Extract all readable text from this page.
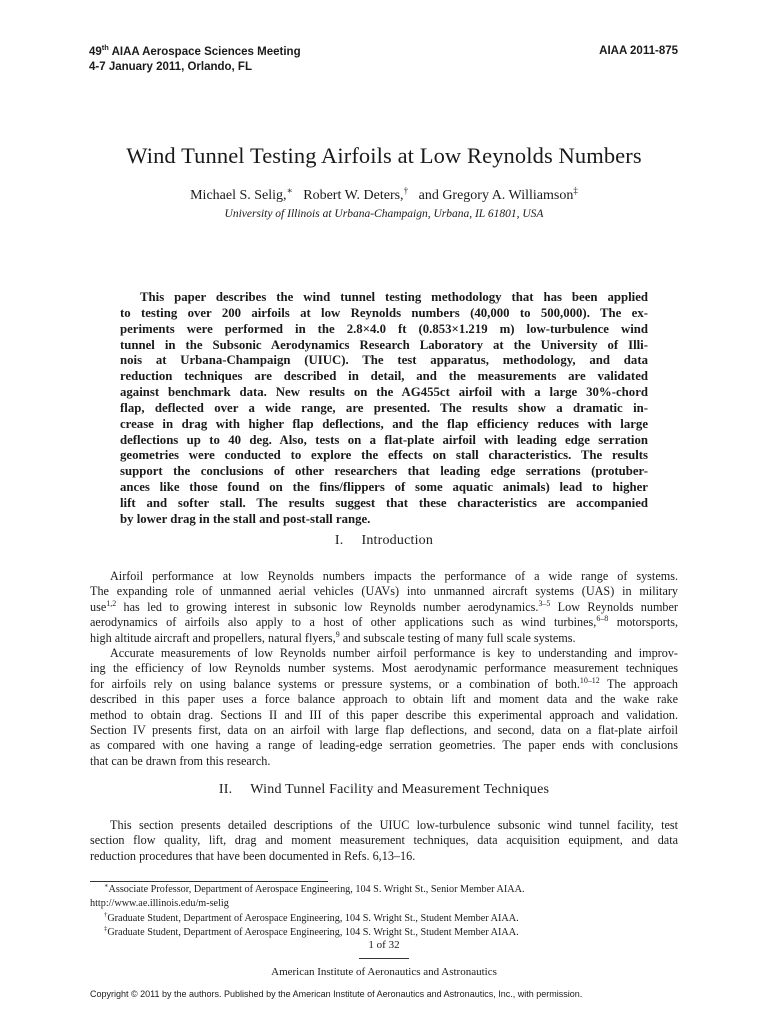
49th AIAA Aerospace Sciences Meeting
4-7 January 2011, Orlando, FL
AIAA 2011-875
Wind Tunnel Testing Airfoils at Low Reynolds Numbers
Michael S. Selig,∗ Robert W. Deters,† and Gregory A. Williamson‡
University of Illinois at Urbana-Champaign, Urbana, IL 61801, USA
This paper describes the wind tunnel testing methodology that has been applied
to testing over 200 airfoils at low Reynolds numbers (40,000 to 500,000). The ex-
periments were performed in the 2.8×4.0 ft (0.853×1.219 m) low-turbulence wind
tunnel in the Subsonic Aerodynamics Research Laboratory at the University of Illi-
nois at Urbana-Champaign (UIUC). The test apparatus, methodology, and data
reduction techniques are described in detail, and the measurements are validated
against benchmark data. New results on the AG455ct airfoil with a large 30%-chord
flap, deflected over a wide range, are presented. The results show a dramatic in-
crease in drag with higher flap deflections, and the flap efficiency reduces with large
deflections up to 40 deg. Also, tests on a flat-plate airfoil with leading edge serration
geometries were conducted to explore the effects on stall characteristics. The results
support the conclusions of other researchers that leading edge serrations (protuber-
ances like those found on the fins/flippers of some aquatic animals) lead to higher
lift and softer stall. The results suggest that these characteristics are accompanied
by lower drag in the stall and post-stall range.
I. Introduction
Airfoil performance at low Reynolds numbers impacts the performance of a wide range of systems.
The expanding role of unmanned aerial vehicles (UAVs) into unmanned aircraft systems (UAS) in military
use$^{1,2}$ has led to growing interest in subsonic low Reynolds number aerodynamics.$^{3-5}$ Low Reynolds number
aerodynamics of airfoils also apply to a host of other applications such as wind turbines,$^{6-8}$ motorsports,
high altitude aircraft and propellers, natural flyers,$^9$ and subscale testing of many full scale systems.
Accurate measurements of low Reynolds number airfoil performance is key to understanding and improv-
ing the efficiency of low Reynolds number systems. Most aerodynamic performance measurement techniques
for airfoils rely on using balance systems or pressure systems, or a combination of both.$^{10-12}$ The approach
described in this paper uses a force balance approach to obtain lift and moment data and the wake rake
method to obtain drag. Sections II and III of this paper describe this experimental approach and validation.
Section IV presents first, data on an airfoil with large flap deflections, and second, data on a flat-plate airfoil
as compared with one having a range of leading-edge serration geometries. The paper ends with conclusions
that can be drawn from this research.
II. Wind Tunnel Facility and Measurement Techniques
This section presents detailed descriptions of the UIUC low-turbulence subsonic wind tunnel facility, test
section flow quality, lift, drag and moment measurement techniques, data acquisition equipment, and data
reduction procedures that have been documented in Refs. 6,13–16.
∗Associate Professor, Department of Aerospace Engineering, 104 S. Wright St., Senior Member AIAA.
http://www.ae.illinois.edu/m-selig
†Graduate Student, Department of Aerospace Engineering, 104 S. Wright St., Student Member AIAA.
‡Graduate Student, Department of Aerospace Engineering, 104 S. Wright St., Student Member AIAA.
1 of 32
American Institute of Aeronautics and Astronautics
Copyright © 2011 by the authors. Published by the American Institute of Aeronautics and Astronautics, Inc., with permission.
